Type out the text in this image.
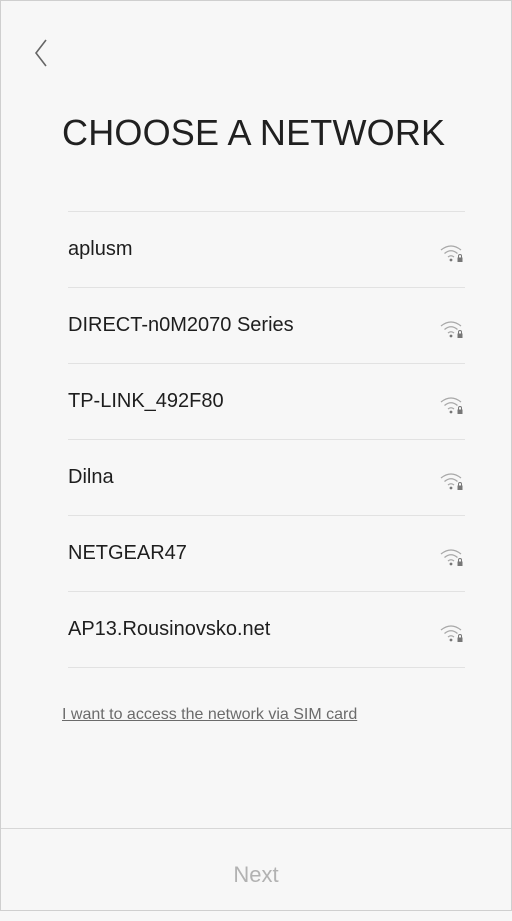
CHOOSE A NETWORK
aplusm
DIRECT-n0M2070 Series
TP-LINK_492F80
Dilna
NETGEAR47
AP13.Rousinovsko.net
I want to access the network via SIM card
Next
